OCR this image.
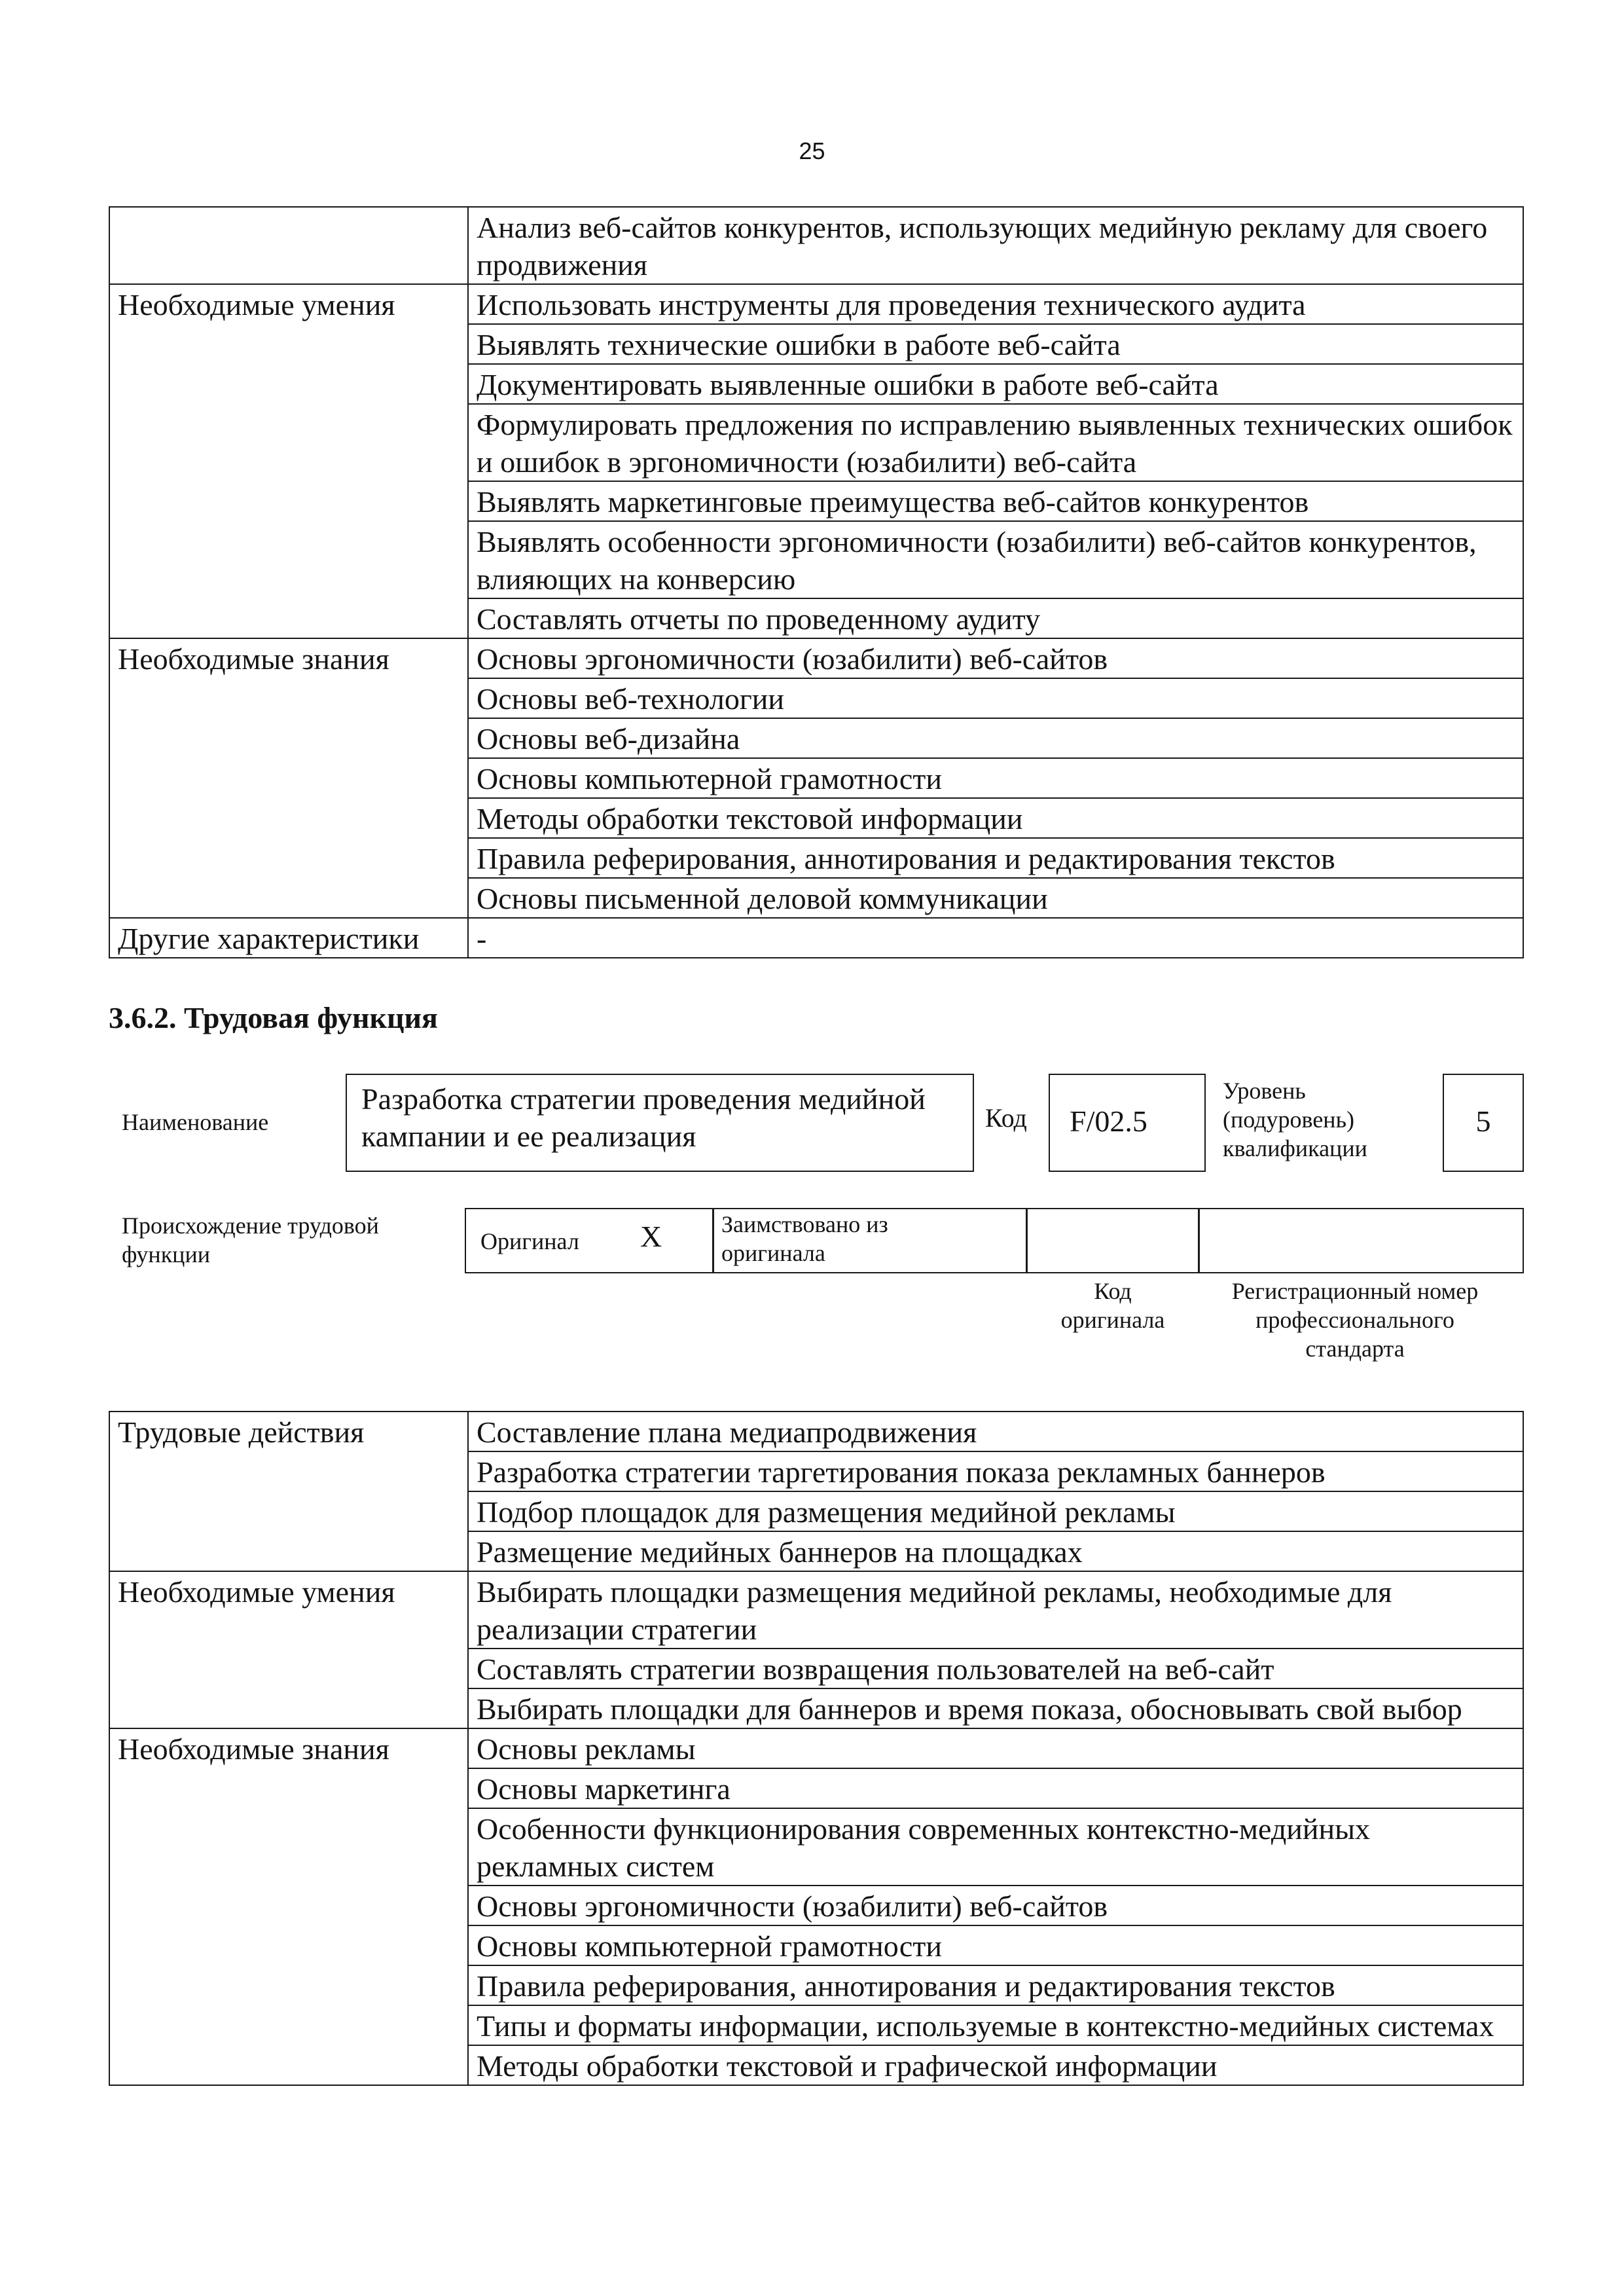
25
	Анализ веб-сайтов конкурентов, использующих медийную рекламу для своего продвижения
Необходимые умения	Использовать инструменты для проведения технического аудита
	Выявлять технические ошибки в работе веб-сайта
	Документировать выявленные ошибки в работе веб-сайта
	Формулировать предложения по исправлению выявленных технических ошибок и ошибок в эргономичности (юзабилити) веб-сайта
	Выявлять маркетинговые преимущества веб-сайтов конкурентов
	Выявлять особенности эргономичности (юзабилити) веб-сайтов конкурентов, влияющих на конверсию
	Составлять отчеты по проведенному аудиту
Необходимые знания	Основы эргономичности (юзабилити) веб-сайтов
	Основы веб-технологии
	Основы веб-дизайна
	Основы компьютерной грамотности
	Методы обработки текстовой информации
	Правила реферирования, аннотирования и редактирования текстов
	Основы письменной деловой коммуникации
Другие характеристики	-
3.6.2. Трудовая функция
Наименование
Разработка стратегии проведения медийной кампании и ее реализация
Код	F/02.5
Уровень (подуровень) квалификации
5
Происхождение трудовой функции	Оригинал X	Заимствовано из оригинала
Код оригинала
Регистрационный номер профессионального стандарта
Трудовые действия	Составление плана медиапродвижения
	Разработка стратегии таргетирования показа рекламных баннеров
	Подбор площадок для размещения медийной рекламы
	Размещение медийных баннеров на площадках
Необходимые умения	Выбирать площадки размещения медийной рекламы, необходимые для реализации стратегии
	Составлять стратегии возвращения пользователей на веб-сайт
	Выбирать площадки для баннеров и время показа, обосновывать свой выбор
Необходимые знания	Основы рекламы
	Основы маркетинга
	Особенности функционирования современных контекстно-медийных рекламных систем
	Основы эргономичности (юзабилити) веб-сайтов
	Основы компьютерной грамотности
	Правила реферирования, аннотирования и редактирования текстов
	Типы и форматы информации, используемые в контекстно-медийных системах
	Методы обработки текстовой и графической информации
